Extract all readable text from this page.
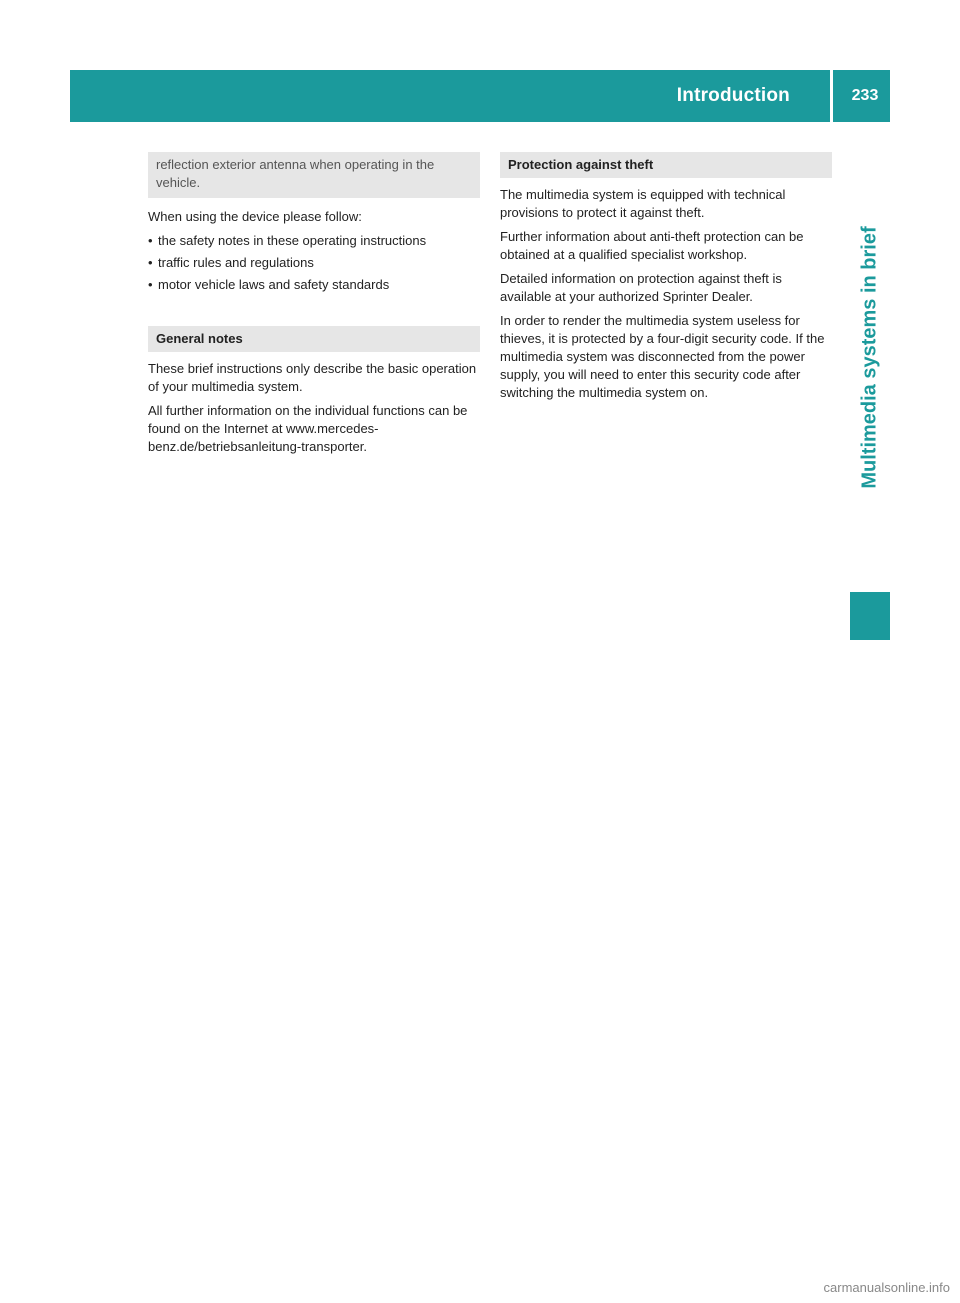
Introduction	233
Multimedia systems in brief

reflection exterior antenna when operating in the vehicle.

When using the device please follow:

• the safety notes in these operating instructions
• traffic rules and regulations
• motor vehicle laws and safety standards
General notes

These brief instructions only describe the basic operation of your multimedia system.

All further information on the individual functions can be found on the Internet at www.mercedes-benz.de/betriebsanleitung-transporter.

Protection against theft

The multimedia system is equipped with technical provisions to protect it against theft.

Further information about anti-theft protection can be obtained at a qualified specialist workshop.

Detailed information on protection against theft is available at your authorized Sprinter Dealer.

In order to render the multimedia system useless for thieves, it is protected by a four-digit security code. If the multimedia system was disconnected from the power supply, you will need to enter this security code after switching the multimedia system on.

carmanualsonline.info
